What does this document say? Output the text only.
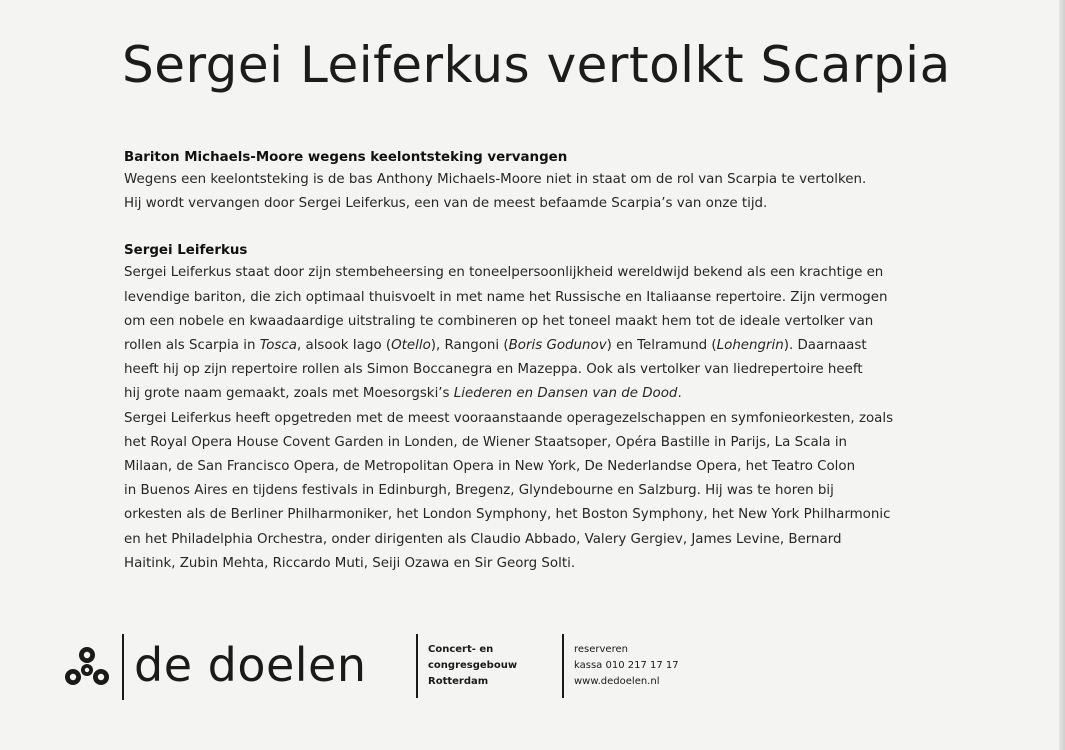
Sergei Leiferkus vertolkt Scarpia
Bariton Michaels-Moore wegens keelontsteking vervangen

Wegens een keelontsteking is de bas Anthony Michaels-Moore niet in staat om de rol van Scarpia te vertolken.
Hij wordt vervangen door Sergei Leiferkus, een van de meest befaamde Scarpia’s van onze tijd.

Sergei Leiferkus

Sergei Leiferkus staat door zijn stembeheersing en toneelpersoonlijkheid wereldwijd bekend als een krachtige en
levendige bariton, die zich optimaal thuisvoelt in met name het Russische en Italiaanse repertoire. Zijn vermogen
om een nobele en kwaadaardige uitstraling te combineren op het toneel maakt hem tot de ideale vertolker van
rollen als Scarpia in Tosca, alsook Iago (Otello), Rangoni (Boris Godunov) en Telramund (Lohengrin). Daarnaast
heeft hij op zijn repertoire rollen als Simon Boccanegra en Mazeppa. Ook als vertolker van liedrepertoire heeft
hij grote naam gemaakt, zoals met Moesorgski’s Liederen en Dansen van de Dood.
Sergei Leiferkus heeft opgetreden met de meest vooraanstaande operagezelschappen en symfonieorkesten, zoals
het Royal Opera House Covent Garden in Londen, de Wiener Staatsoper, Opéra Bastille in Parijs, La Scala in
Milaan, de San Francisco Opera, de Metropolitan Opera in New York, De Nederlandse Opera, het Teatro Colon
in Buenos Aires en tijdens festivals in Edinburgh, Bregenz, Glyndebourne en Salzburg. Hij was te horen bij
orkesten als de Berliner Philharmoniker, het London Symphony, het Boston Symphony, het New York Philharmonic
en het Philadelphia Orchestra, onder dirigenten als Claudio Abbado, Valery Gergiev, James Levine, Bernard
Haitink, Zubin Mehta, Riccardo Muti, Seiji Ozawa en Sir Georg Solti.

de doelen	Concert- en
congresgebouw
Rotterdam
reserveren
kassa 010 217 17 17
www.dedoelen.nl
